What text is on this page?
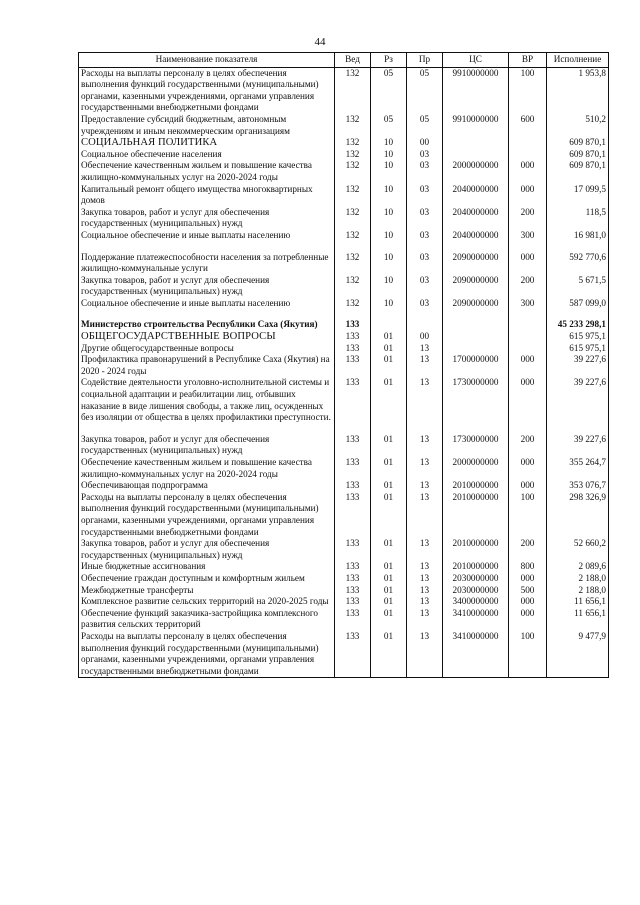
44
Наименование показателя	Вед	Рз	Пр	ЦС	ВР	Исполнение
Расходы на выплаты персоналу в целях обеспечения выполнения функций государственными (муниципальными) органами, казенными учреждениями, органами управления государственными внебюджетными фондами	132	05	05	9910000000	100	1 953,8
Предоставление субсидий бюджетным, автономным учреждениям и иным некоммерческим организациям	132	05	05	9910000000	600	510,2
СОЦИАЛЬНАЯ ПОЛИТИКА	132	10	00			609 870,1
Социальное обеспечение населения	132	10	03			609 870,1
Обеспечение качественным жильем и повышение качества жилищно-коммунальных услуг на 2020-2024 годы	132	10	03	2000000000	000	609 870,1
Капитальный ремонт общего имущества многоквартирных домов	132	10	03	2040000000	000	17 099,5
Закупка товаров, работ и услуг для обеспечения государственных (муниципальных) нужд	132	10	03	2040000000	200	118,5
Социальное обеспечение и иные выплаты населению	132	10	03	2040000000	300	16 981,0

Поддержание платежеспособности населения за потребленные жилищно-коммунальные услуги	132	10	03	2090000000	000	592 770,6
Закупка товаров, работ и услуг для обеспечения государственных (муниципальных) нужд	132	10	03	2090000000	200	5 671,5
Социальное обеспечение и иные выплаты населению	132	10	03	2090000000	300	587 099,0

Министерство строительства Республики Саха (Якутия)	133					45 233 298,1
ОБЩЕГОСУДАРСТВЕННЫЕ ВОПРОСЫ	133	01	00			615 975,1
Другие общегосударственные вопросы	133	01	13			615 975,1
Профилактика правонарушений в Республике Саха (Якутия) на 2020 - 2024 годы	133	01	13	1700000000	000	39 227,6
Содействие деятельности уголовно-исполнительной системы и социальной адаптации и реабилитации лиц, отбывших наказание в виде лишения свободы, а также лиц, осужденных без изоляции от общества в целях профилактики преступности.	133	01	13	1730000000	000	39 227,6

Закупка товаров, работ и услуг для обеспечения государственных (муниципальных) нужд	133	01	13	1730000000	200	39 227,6
Обеспечение качественным жильем и повышение качества жилищно-коммунальных услуг на 2020-2024 годы	133	01	13	2000000000	000	355 264,7
Обеспечивающая подпрограмма	133	01	13	2010000000	000	353 076,7
Расходы на выплаты персоналу в целях обеспечения выполнения функций государственными (муниципальными) органами, казенными учреждениями, органами управления государственными внебюджетными фондами	133	01	13	2010000000	100	298 326,9
Закупка товаров, работ и услуг для обеспечения государственных (муниципальных) нужд	133	01	13	2010000000	200	52 660,2
Иные бюджетные ассигнования	133	01	13	2010000000	800	2 089,6
Обеспечение граждан доступным и комфортным жильем	133	01	13	2030000000	000	2 188,0
Межбюджетные трансферты	133	01	13	2030000000	500	2 188,0
Комплексное развитие сельских территорий на 2020-2025 годы	133	01	13	3400000000	000	11 656,1
Обеспечение функций заказчика-застройщика комплексного развития сельских территорий	133	01	13	3410000000	000	11 656,1
Расходы на выплаты персоналу в целях обеспечения выполнения функций государственными (муниципальными) органами, казенными учреждениями, органами управления государственными внебюджетными фондами	133	01	13	3410000000	100	9 477,9
